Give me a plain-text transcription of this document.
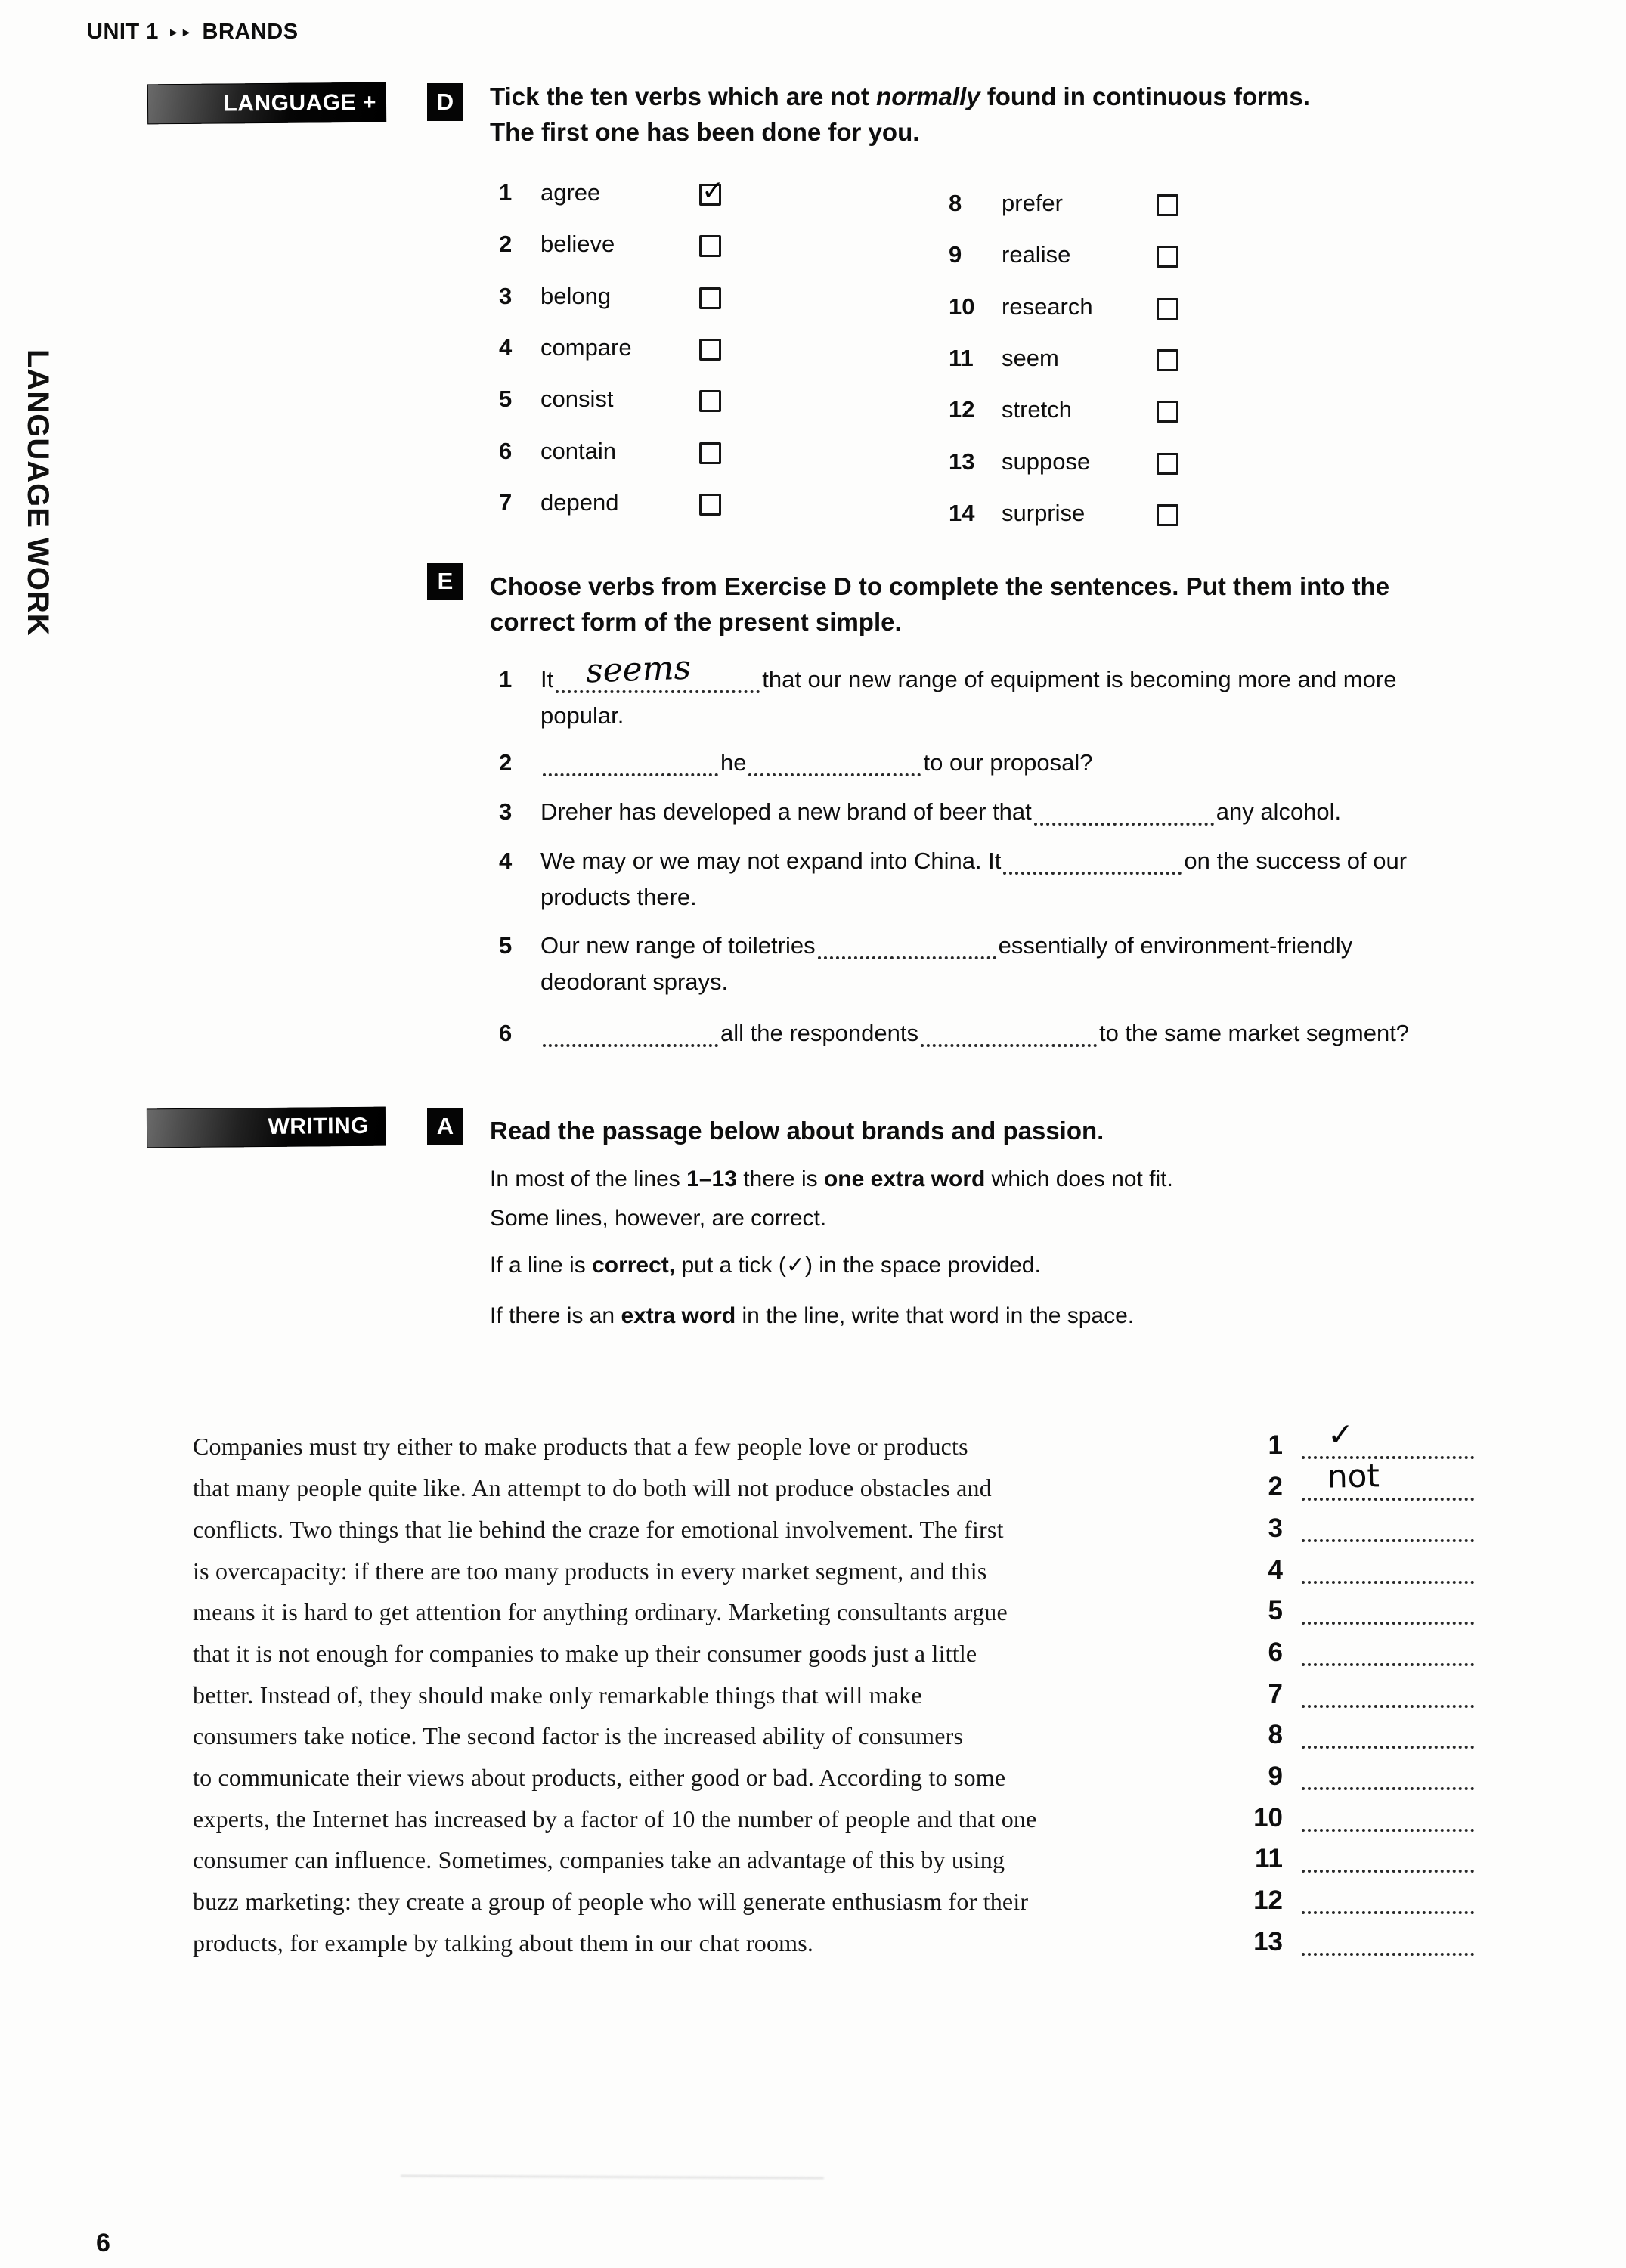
UNIT 1 ►► BRANDS
LANGUAGE WORK
LANGUAGE +	D	Tick the ten verbs which are not normally found in continuous forms.
The first one has been done for you.
1 agree	✓
2 believe
3 belong
4 compare
5 consist
6 contain
7 depend
8 prefer
9 realise
10 research
11 seem
12 stretch
13 suppose
14 surprise
E	Choose verbs from Exercise D to complete the sentences. Put them into the
correct form of the present simple.
1 It seems	that our new range of equipment is becoming more and more
popular.
2	he	to our proposal?
3 Dreher has developed a new brand of beer that	any alcohol.
4 We may or we may not expand into China. It	on the success of our
products there.
5 Our new range of toiletries	essentially of environment-friendly
deodorant sprays.
6	all the respondents	to the same market segment?
WRITING	A	Read the passage below about brands and passion.
In most of the lines 1–13 there is one extra word which does not fit.
Some lines, however, are correct.
If a line is correct, put a tick (✓) in the space provided.
If there is an extra word in the line, write that word in the space.
Companies must try either to make products that a few people love or products
that many people quite like. An attempt to do both will not produce obstacles and
conflicts. Two things that lie behind the craze for emotional involvement. The first
is overcapacity: if there are too many products in every market segment, and this
means it is hard to get attention for anything ordinary. Marketing consultants argue
that it is not enough for companies to make up their consumer goods just a little
better. Instead of, they should make only remarkable things that will make
consumers take notice. The second factor is the increased ability of consumers
to communicate their views about products, either good or bad. According to some
experts, the Internet has increased by a factor of 10 the number of people and that one
consumer can influence. Sometimes, companies take an advantage of this by using
buzz marketing: they create a group of people who will generate enthusiasm for their
products, for example by talking about them in our chat rooms.
1 ✓
2 not
3
4
5
6
7
8
9
10
11
12
13
6
